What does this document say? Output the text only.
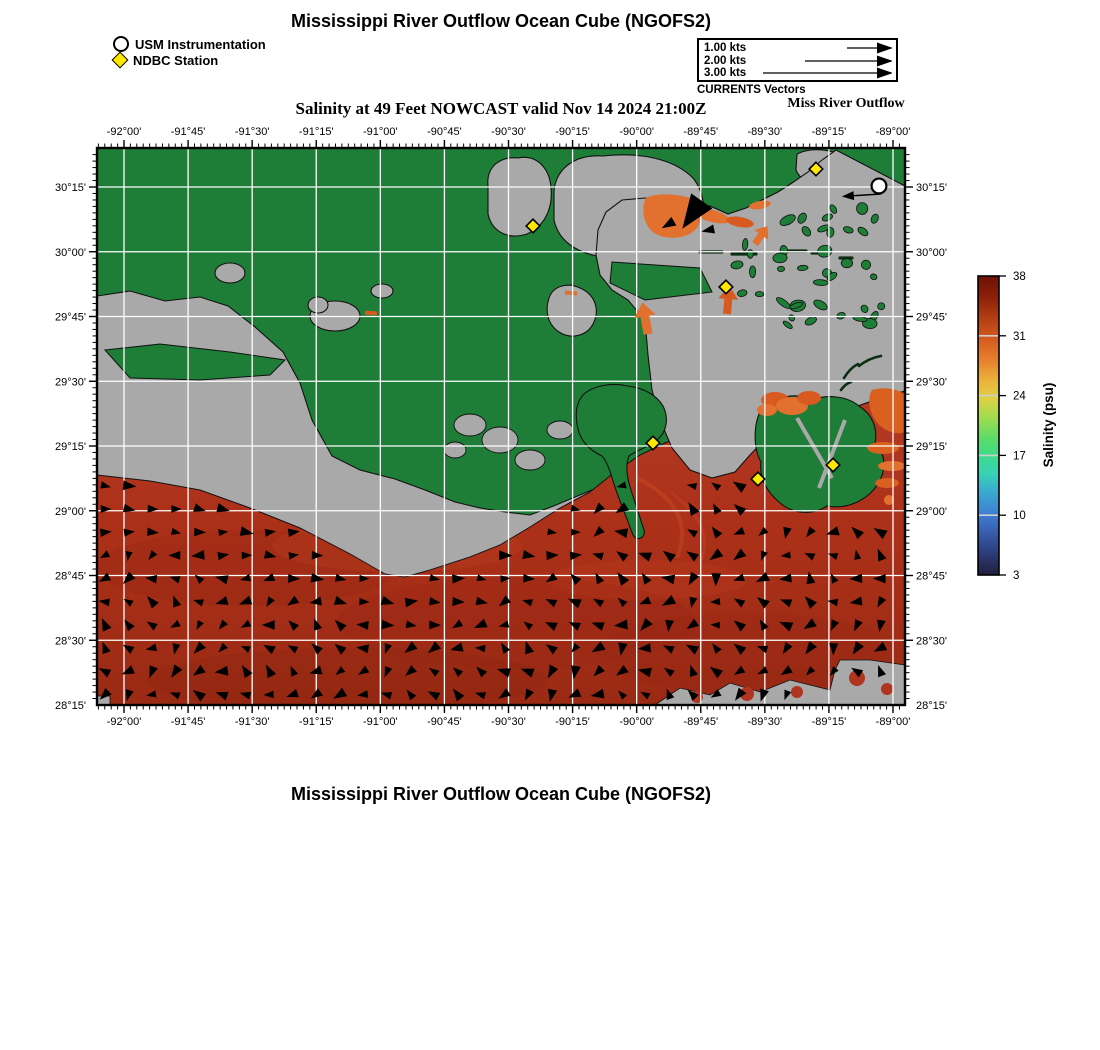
Mississippi River Outflow Ocean Cube (NGOFS2)
USM Instrumentation
NDBC Station
1.00 kts
2.00 kts
3.00 kts
CURRENTS Vectors
Salinity at 49 Feet NOWCAST valid Nov 14 2024 21:00Z	Miss River Outflow
Mississippi River Outflow Ocean Cube (NGOFS2)
-92°00'
-92°00'
-91°45'
-91°45'
-91°30'
-91°30'
-91°15'
-91°15'
-91°00'
-91°00'
-90°45'
-90°45'
-90°30'
-90°30'
-90°15'
-90°15'
-90°00'
-90°00'
-89°45'
-89°45'
-89°30'
-89°30'
-89°15'
-89°15'
-89°00'
-89°00'
30°15'	30°15'
30°00'	30°00'
29°45'	29°45'
29°30'	29°30'
29°15'	29°15'
29°00'	29°00'
28°45'	28°45'
28°30'	28°30'
28°15'	28°15'
38
31
24
17
10
3
Salinity (psu)
